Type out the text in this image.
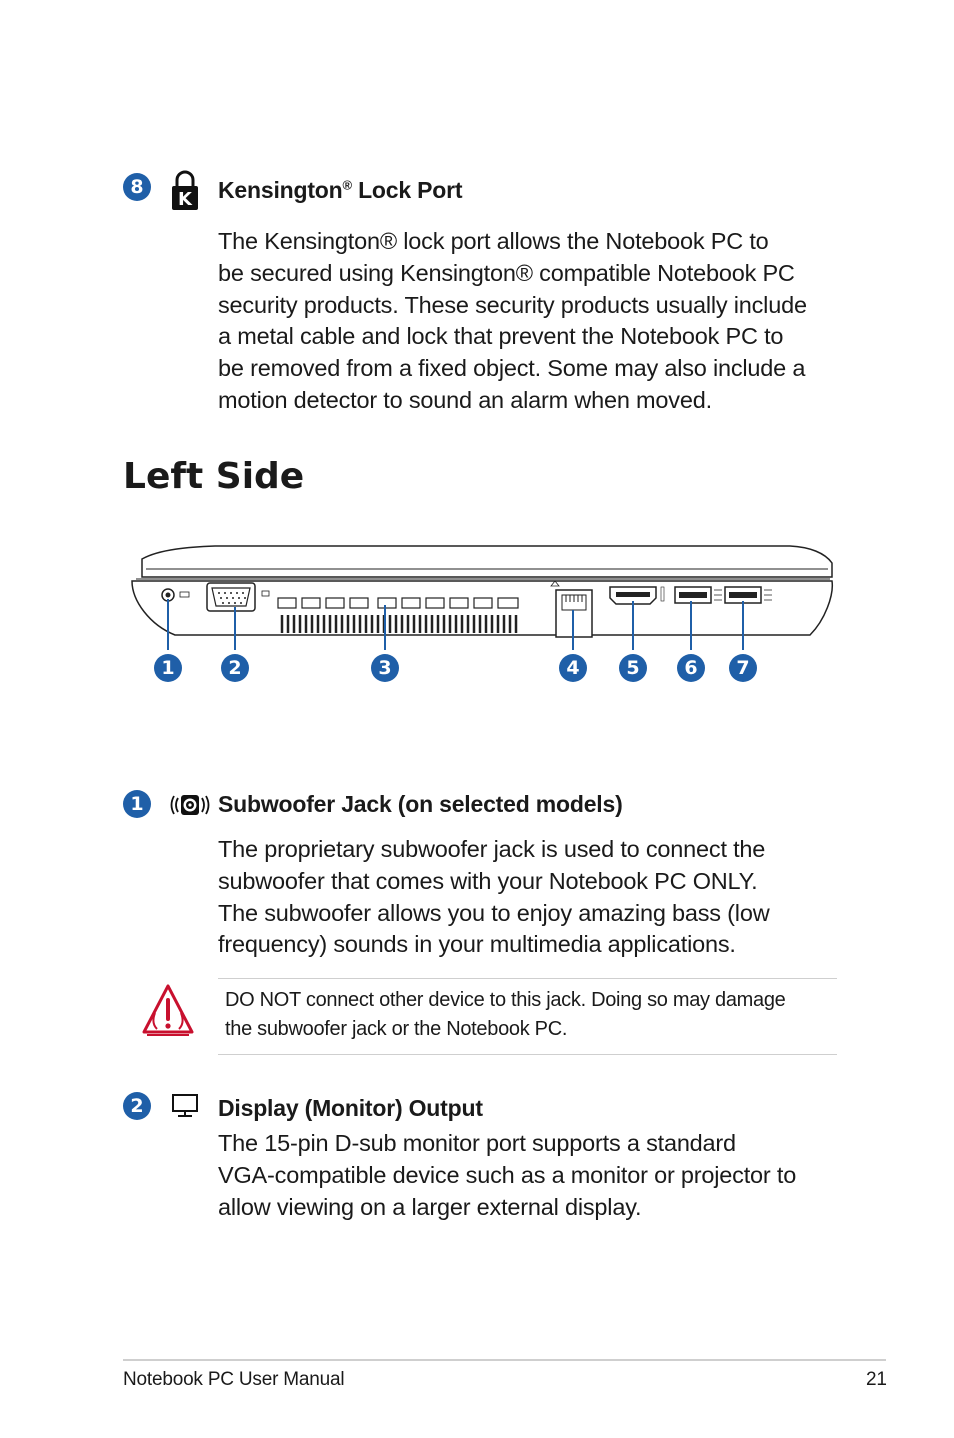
8
K Kensington® Lock Port

The Kensington® lock port allows the Notebook PC to

be secured using Kensington® compatible Notebook PC

security products. These security products usually include

a metal cable and lock that prevent the Notebook PC to

be removed from a fixed object. Some may also include a

motion detector to sound an alarm when moved.

Left Side
1	2	3	4	5	6	7
1	Subwoofer Jack (on selected models)

The proprietary subwoofer jack is used to connect the

subwoofer that comes with your Notebook PC ONLY.

The subwoofer allows you to enjoy amazing bass (low

frequency) sounds in your multimedia applications.

DO NOT connect other device to this jack. Doing so may damage

the subwoofer jack or the Notebook PC.

2	Display (Monitor) Output

The 15-pin D-sub monitor port supports a standard

VGA-compatible device such as a monitor or projector to

allow viewing on a larger external display.

Notebook PC User Manual	21
